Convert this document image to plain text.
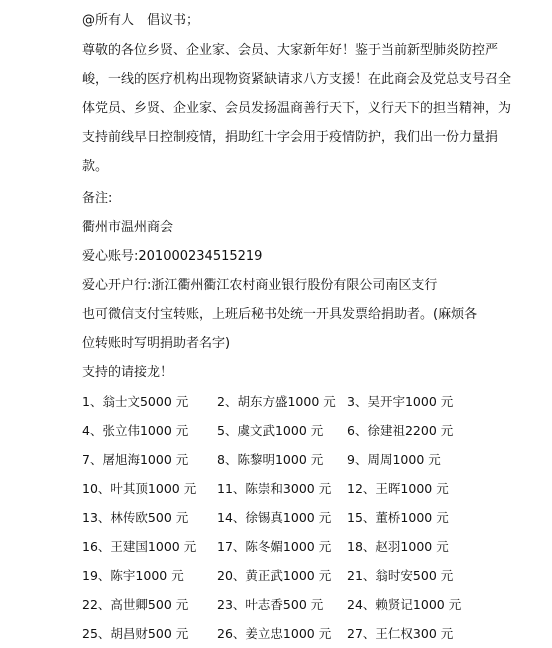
@所有人　倡议书；

尊敬的各位乡贤、企业家、会员、大家新年好！鉴于当前新型肺炎防控严峻，一线的医疗机构出现物资紧缺请求八方支援！在此商会及党总支号召全体党员、乡贤、企业家、会员发扬温商善行天下，义行天下的担当精神，为支持前线早日控制疫情，捐助红十字会用于疫情防护，我们出一份力量捐款。

备注:
衢州市温州商会
爱心账号:201000234515219
爱心开户行:浙江衢州衢江农村商业银行股份有限公司南区支行

也可微信支付宝转账，上班后秘书处统一开具发票给捐助者。(麻烦各位转账时写明捐助者名字)

支持的请接龙！
1、 翁士文 5000 元 2、 胡东方盛 1000 元 3、 吴开宇 1000 元
4、 张立伟 1000 元 5、 虞文武 1000 元 6、 徐建祖 2200 元
7、 屠旭海 1000 元 8、 陈黎明 1000 元 9、 周周 1000 元
10、 叶其顶 1000 元 11、 陈崇和 3000 元 12、 王晖 1000 元
13、 林传欧 500 元 14、 徐锡真 1000 元 15、 董桥 1000 元
16、 王建国 1000 元 17、 陈冬媚 1000 元 18、 赵羽 1000 元
19、 陈宇 1000 元	20、 黄正武 1000 元 21、 翁时安 500 元
22、 高世卿 500 元 23、 叶志香 500 元 24、 赖贤记 1000 元
25、 胡昌财 500 元 26、 姜立忠 1000 元 27、 王仁权 300 元
